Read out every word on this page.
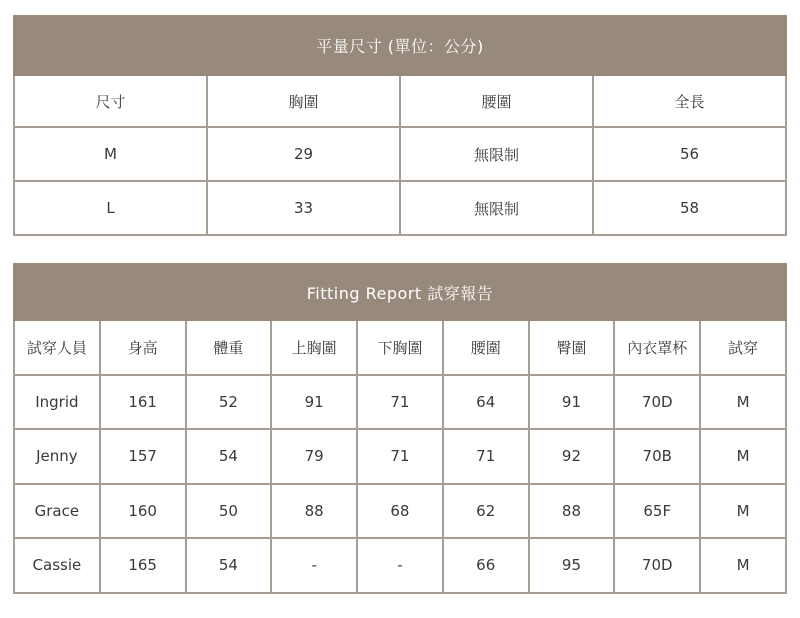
平量尺寸 (單位：公分)			
尺寸	胸圍	腰圍	全長
M	29	無限制	56
L	33	無限制	58
Fitting Report 試穿報告								
試穿人員	身高	體重	上胸圍	下胸圍	腰圍	臀圍	內衣罩杯	試穿
Ingrid	161	52	91	71	64	91	70D	M
Jenny	157	54	79	71	71	92	70B	M
Grace	160	50	88	68	62	88	65F	M
Cassie	165	54	-	-	66	95	70D	M
